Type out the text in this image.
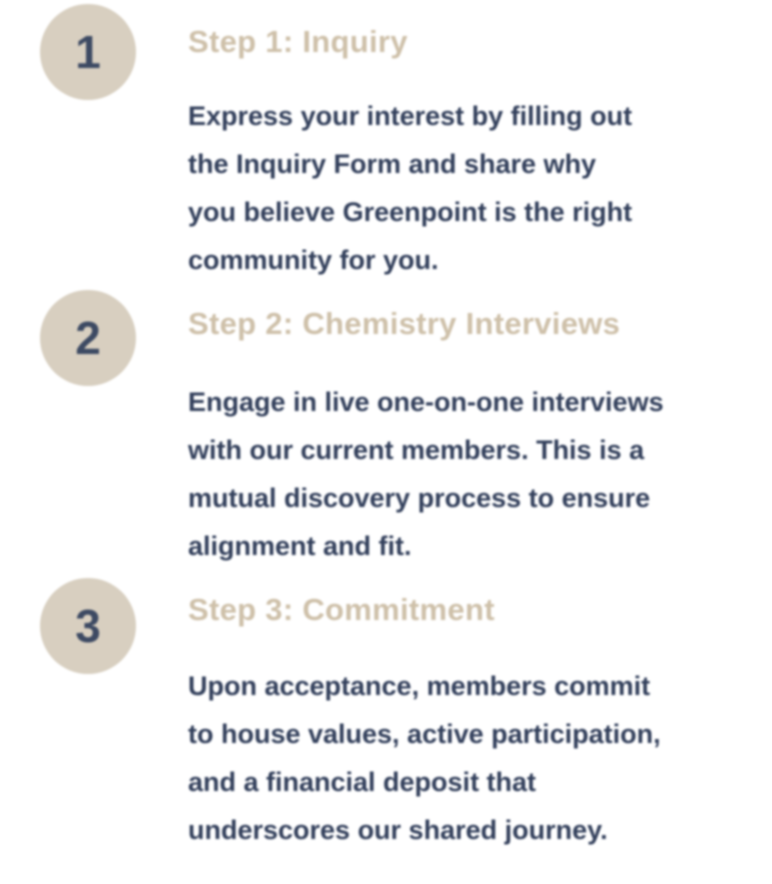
1	Step 1: Inquiry
Express your interest by filling out
the Inquiry Form and share why
you believe Greenpoint is the right
community for you.
2	Step 2: Chemistry Interviews
Engage in live one-on-one interviews
with our current members. This is a
mutual discovery process to ensure
alignment and fit.
3	Step 3: Commitment
Upon acceptance, members commit
to house values, active participation,
and a financial deposit that
underscores our shared journey.
